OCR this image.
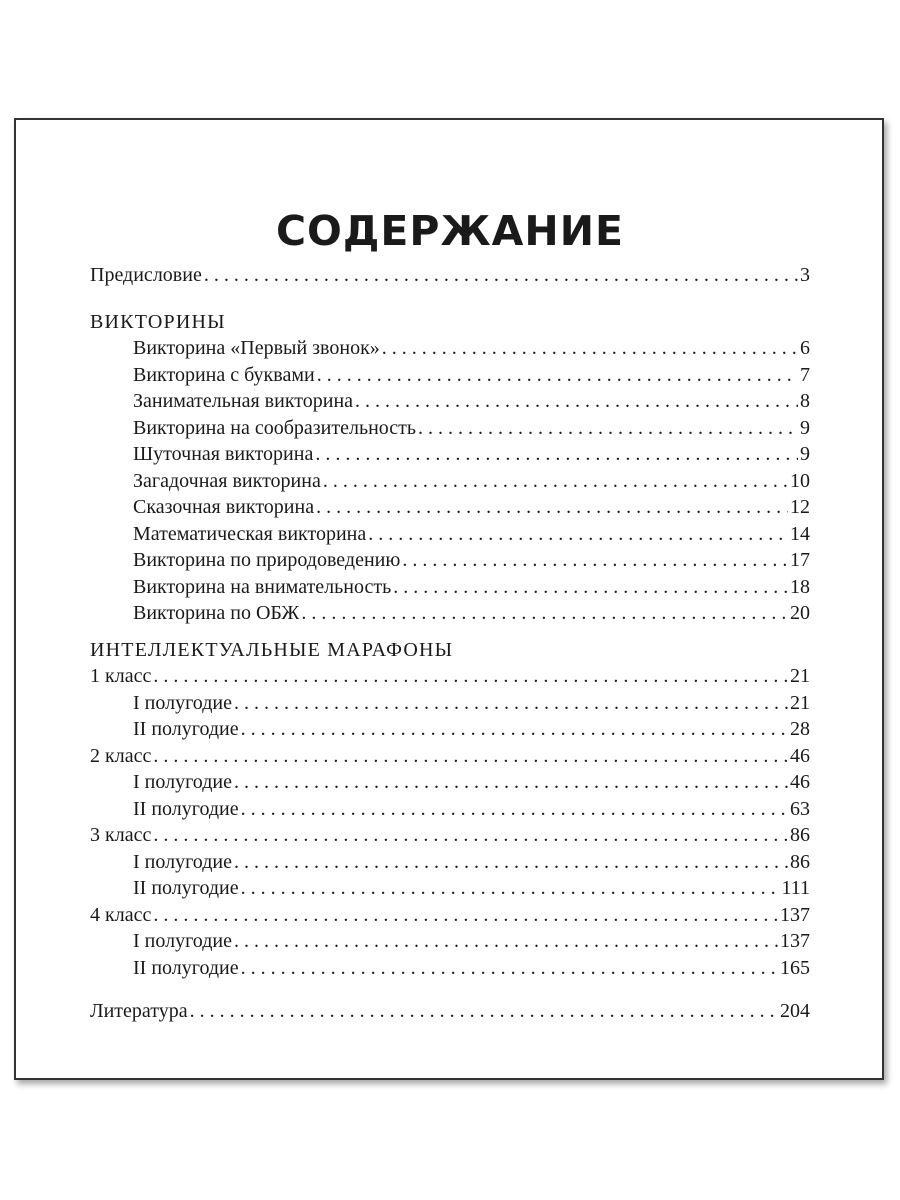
СОДЕРЖАНИЕ
Предисловие . . .	3
ВИКТОРИНЫ
Викторина «Первый звонок» . . .	6
Викторина с буквами . . .	7
Занимательная викторина . . .	8
Викторина на сообразительность . . .	9
Шуточная викторина . . .	9
Загадочная викторина . . .	10
Сказочная викторина . . .	12
Математическая викторина . . .	14
Викторина по природоведению . . .	17
Викторина на внимательность . . .	18
Викторина по ОБЖ . . .	20
ИНТЕЛЛЕКТУАЛЬНЫЕ МАРАФОНЫ
1 класс . . .	21
I полугодие . . .	21
II полугодие . . .	28
2 класс . . .	46
I полугодие . . .	46
II полугодие . . .	63
3 класс . . .	86
I полугодие . . .	86
II полугодие . . .	111
4 класс . . .	137
I полугодие . . .	137
II полугодие . . .	165
Литература . . .	204
